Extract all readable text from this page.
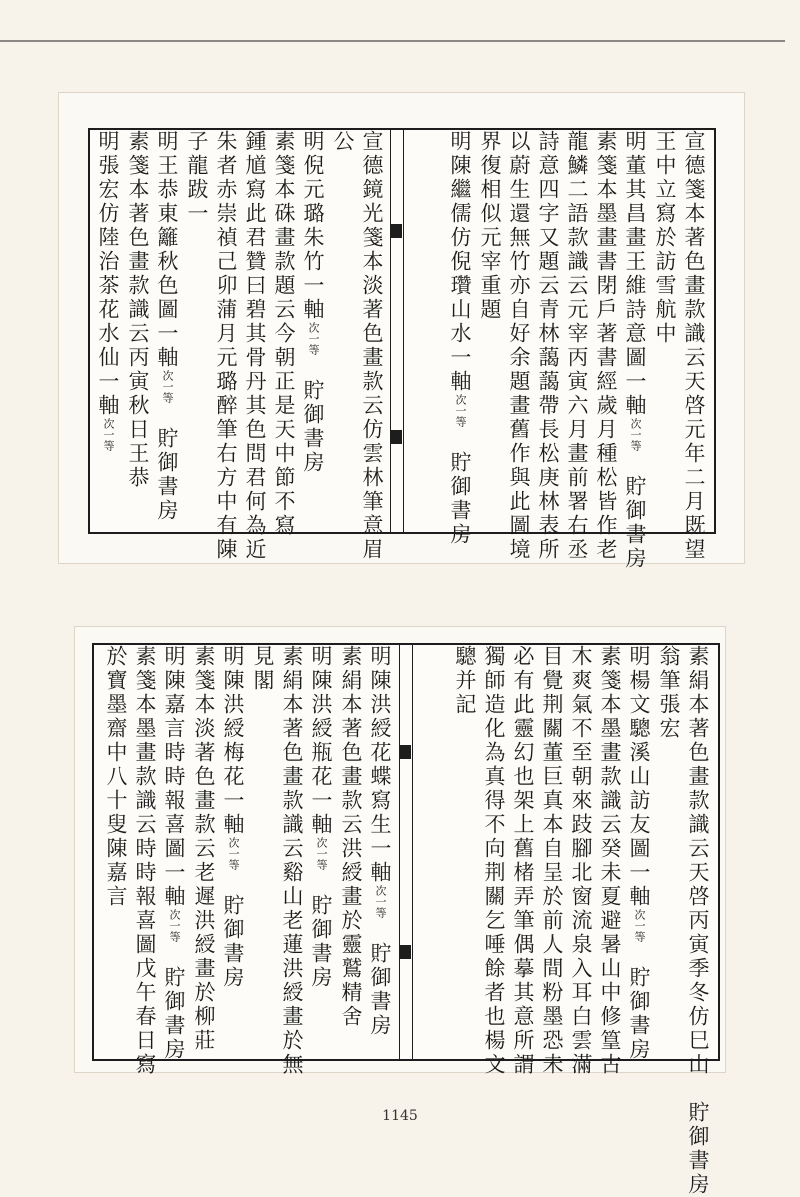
宣德箋本著色畫款識云天啓元年二月既望
王中立寫於訪雪航中
明董其昌畫王維詩意圖一軸次一等　貯御書房
素箋本墨畫書閉戶著書經歲月種松皆作老
龍鱗二語款識云元宰丙寅六月畫前署右丞
詩意四字又題云青林藹藹帶長松庚林表所
以蔚生還無竹亦自好余題畫舊作與此圖境
界復相似元宰重題
明陳繼儒仿倪瓚山水一軸次一等　貯御書房
宣德鏡光箋本淡著色畫款云仿雲林筆意眉
公
明倪元璐朱竹一軸次一等　貯御書房
素箋本硃畫款題云今朝正是天中節不寫
鍾馗寫此君贊曰碧其骨丹其色問君何為近
朱者赤崇禎己卯蒲月元璐醉筆右方中有陳
子龍跋一
明王恭東籬秋色圖一軸次一等　貯御書房
素箋本著色畫款識云丙寅秋日王恭
明張宏仿陸治茶花水仙一軸次一等
素絹本著色畫款識云天啓丙寅季冬仿巳山　貯御書房
翁筆張宏
明楊文驄溪山訪友圖一軸次一等　貯御書房
素箋本墨畫款識云癸未夏避暑山中修篁古
木爽氣不至朝來跂腳北窗流泉入耳白雲滿
目覺荆關董巨真本自呈於前人間粉墨恐未
必有此靈幻也架上舊楮弄筆偶摹其意所謂
獨師造化為真得不向荆關乞唾餘者也楊文
驄并記
明陳洪綬花蝶寫生一軸次一等　貯御書房
素絹本著色畫款云洪綬畫於靈鷲精舍
明陳洪綬瓶花一軸次一等　貯御書房
素絹本著色畫款識云谿山老蓮洪綬畫於無
見閣
明陳洪綬梅花一軸次一等　貯御書房
素箋本淡著色畫款云老遲洪綬畫於柳莊
明陳嘉言時時報喜圖一軸次一等　貯御書房
素箋本墨畫款識云時時報喜圖戊午春日寫
於寶墨齋中八十叟陳嘉言
1145
